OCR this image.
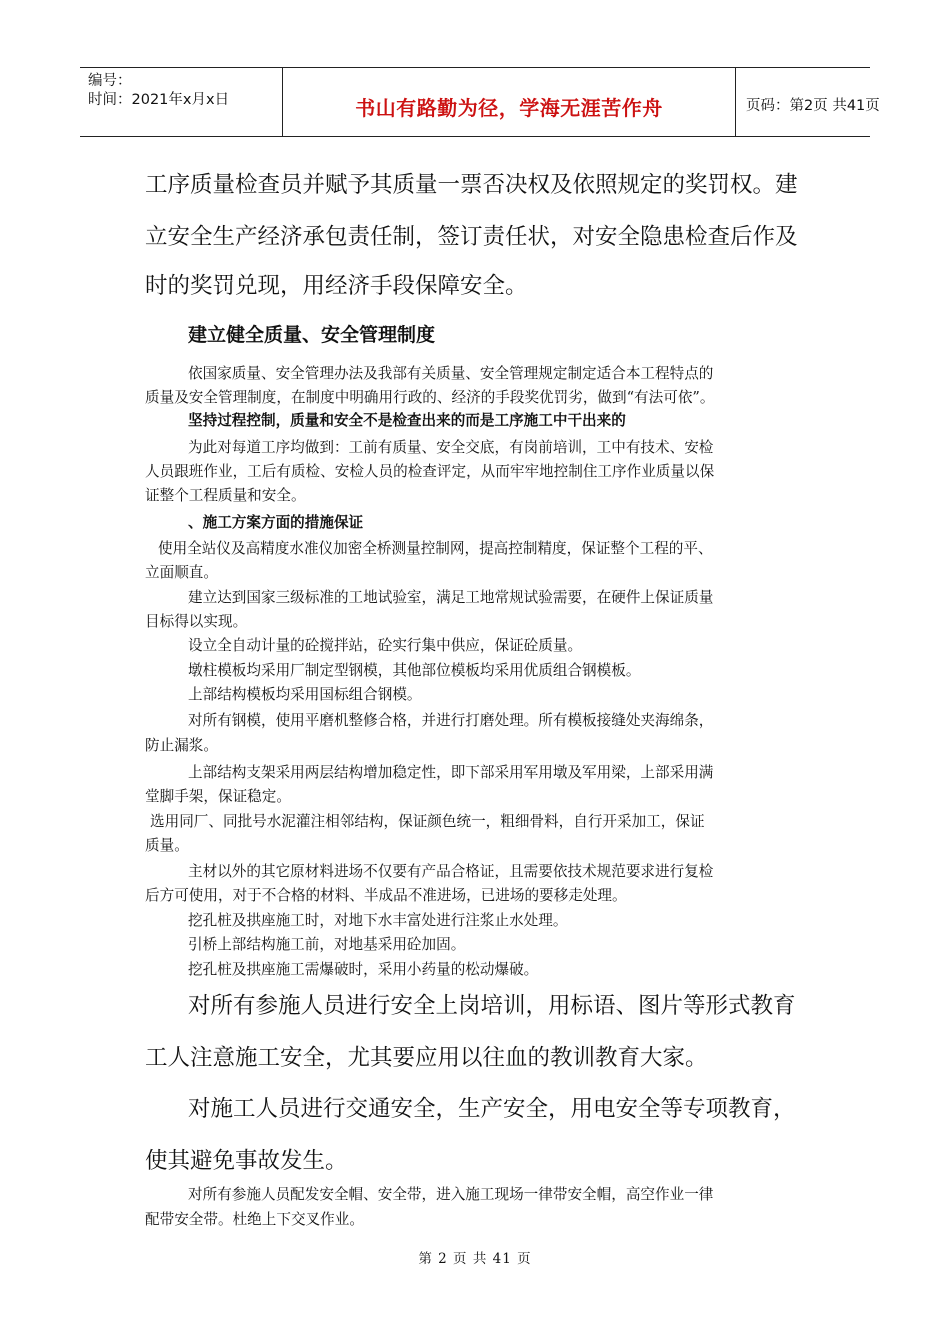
编号：
时间：2021年x月x日	书山有路勤为径，学海无涯苦作舟	页码：第2页 共41页
工序质量检查员并赋予其质量一票否决权及依照规定的奖罚权。建
立安全生产经济承包责任制，签订责任状，对安全隐患检查后作及
时的奖罚兑现，用经济手段保障安全。
建立健全质量、安全管理制度
依国家质量、安全管理办法及我部有关质量、安全管理规定制定适合本工程特点的
质量及安全管理制度，在制度中明确用行政的、经济的手段奖优罚劣，做到“有法可依”。
坚持过程控制，质量和安全不是检查出来的而是工序施工中干出来的
为此对每道工序均做到：工前有质量、安全交底，有岗前培训，工中有技术、安检
人员跟班作业，工后有质检、安检人员的检查评定，从而牢牢地控制住工序作业质量以保
证整个工程质量和安全。
、施工方案方面的措施保证
使用全站仪及高精度水准仪加密全桥测量控制网，提高控制精度，保证整个工程的平、
立面顺直。
建立达到国家三级标准的工地试验室，满足工地常规试验需要，在硬件上保证质量
目标得以实现。
设立全自动计量的砼搅拌站，砼实行集中供应，保证砼质量。
墩柱模板均采用厂制定型钢模，其他部位模板均采用优质组合钢模板。
上部结构模板均采用国标组合钢模。
对所有钢模，使用平磨机整修合格，并进行打磨处理。所有模板接缝处夹海绵条，
防止漏浆。
上部结构支架采用两层结构增加稳定性，即下部采用军用墩及军用梁，上部采用满
堂脚手架，保证稳定。
选用同厂、同批号水泥灌注相邻结构，保证颜色统一，粗细骨料，自行开采加工，保证
质量。
主材以外的其它原材料进场不仅要有产品合格证，且需要依技术规范要求进行复检
后方可使用，对于不合格的材料、半成品不准进场，已进场的要移走处理。
挖孔桩及拱座施工时，对地下水丰富处进行注浆止水处理。
引桥上部结构施工前，对地基采用砼加固。
挖孔桩及拱座施工需爆破时，采用小药量的松动爆破。
对所有参施人员进行安全上岗培训，用标语、图片等形式教育
工人注意施工安全，尤其要应用以往血的教训教育大家。
对施工人员进行交通安全，生产安全，用电安全等专项教育，
使其避免事故发生。
对所有参施人员配发安全帽、安全带，进入施工现场一律带安全帽，高空作业一律
配带安全带。杜绝上下交叉作业。
第 2 页 共 41 页
